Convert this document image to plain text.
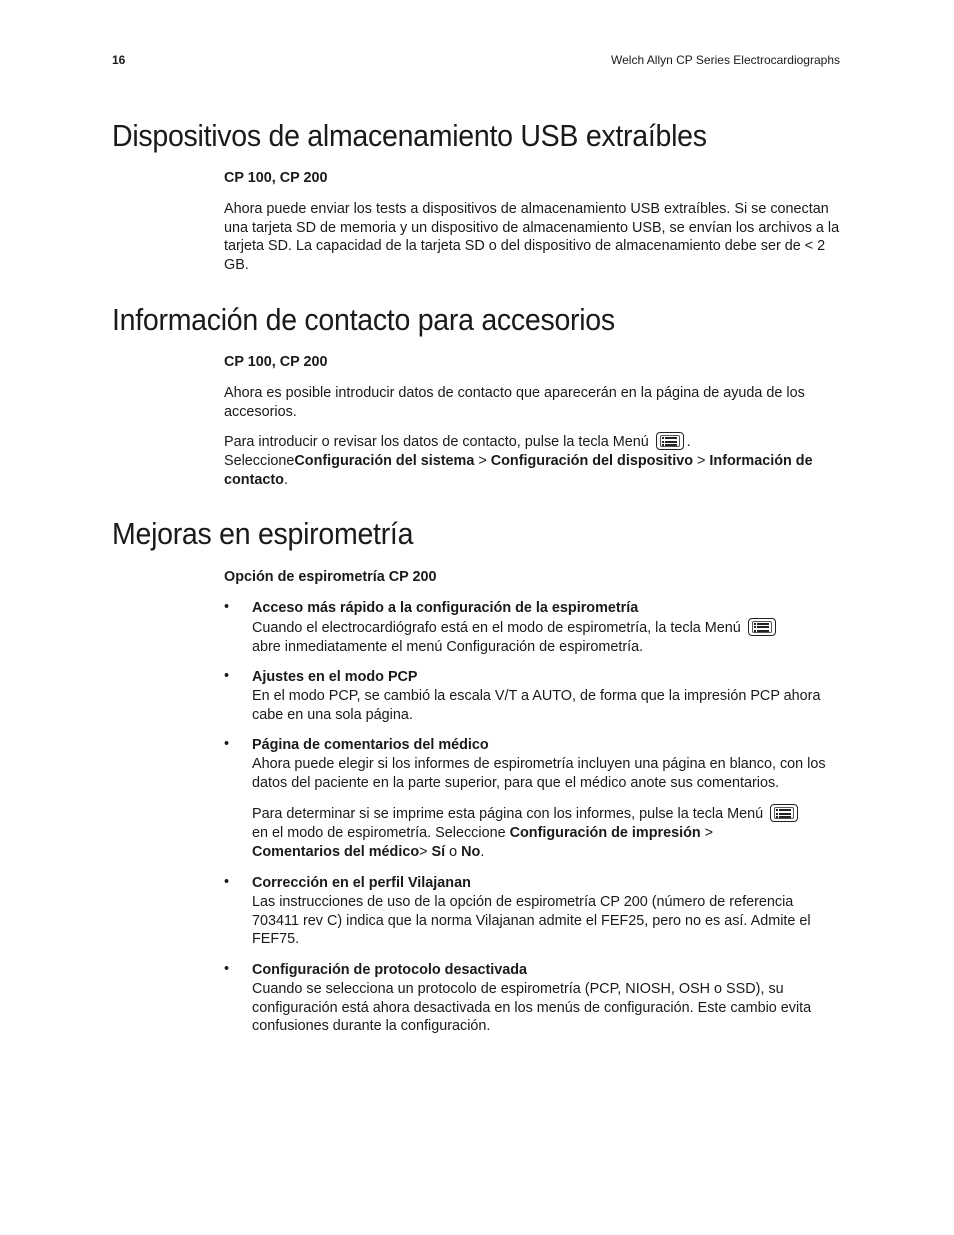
16	Welch Allyn CP Series Electrocardiographs
Dispositivos de almacenamiento USB extraíbles

CP 100, CP 200

Ahora puede enviar los tests a dispositivos de almacenamiento USB extraíbles. Si se conectan una tarjeta SD de memoria y un dispositivo de almacenamiento USB, se envían los archivos a la tarjeta SD. La capacidad de la tarjeta SD o del dispositivo de almacenamiento debe ser de < 2 GB.

Información de contacto para accesorios

CP 100, CP 200

Ahora es posible introducir datos de contacto que aparecerán en la página de ayuda de los accesorios.

Para introducir o revisar los datos de contacto, pulse la tecla Menú	.
SeleccioneConfiguración del sistema > Configuración del dispositivo > Información de contacto.

Mejoras en espirometría

Opción de espirometría CP 200

• Acceso más rápido a la configuración de la espirometría

Cuando el electrocardiógrafo está en el modo de espirometría, la tecla Menú

abre inmediatamente el menú Configuración de espirometría.

• Ajustes en el modo PCP

En el modo PCP, se cambió la escala V/T a AUTO, de forma que la impresión PCP ahora cabe en una sola página.

• Página de comentarios del médico

Ahora puede elegir si los informes de espirometría incluyen una página en blanco, con los datos del paciente en la parte superior, para que el médico anote sus comentarios.

Para determinar si se imprime esta página con los informes, pulse la tecla Menú

en el modo de espirometría. Seleccione Configuración de impresión >
Comentarios del médico> Sí o No.

• Corrección en el perfil Vilajanan

Las instrucciones de uso de la opción de espirometría CP 200 (número de referencia 703411 rev C) indica que la norma Vilajanan admite el FEF25, pero no es así. Admite el FEF75.

• Configuración de protocolo desactivada

Cuando se selecciona un protocolo de espirometría (PCP, NIOSH, OSH o SSD), su configuración está ahora desactivada en los menús de configuración. Este cambio evita confusiones durante la configuración.
